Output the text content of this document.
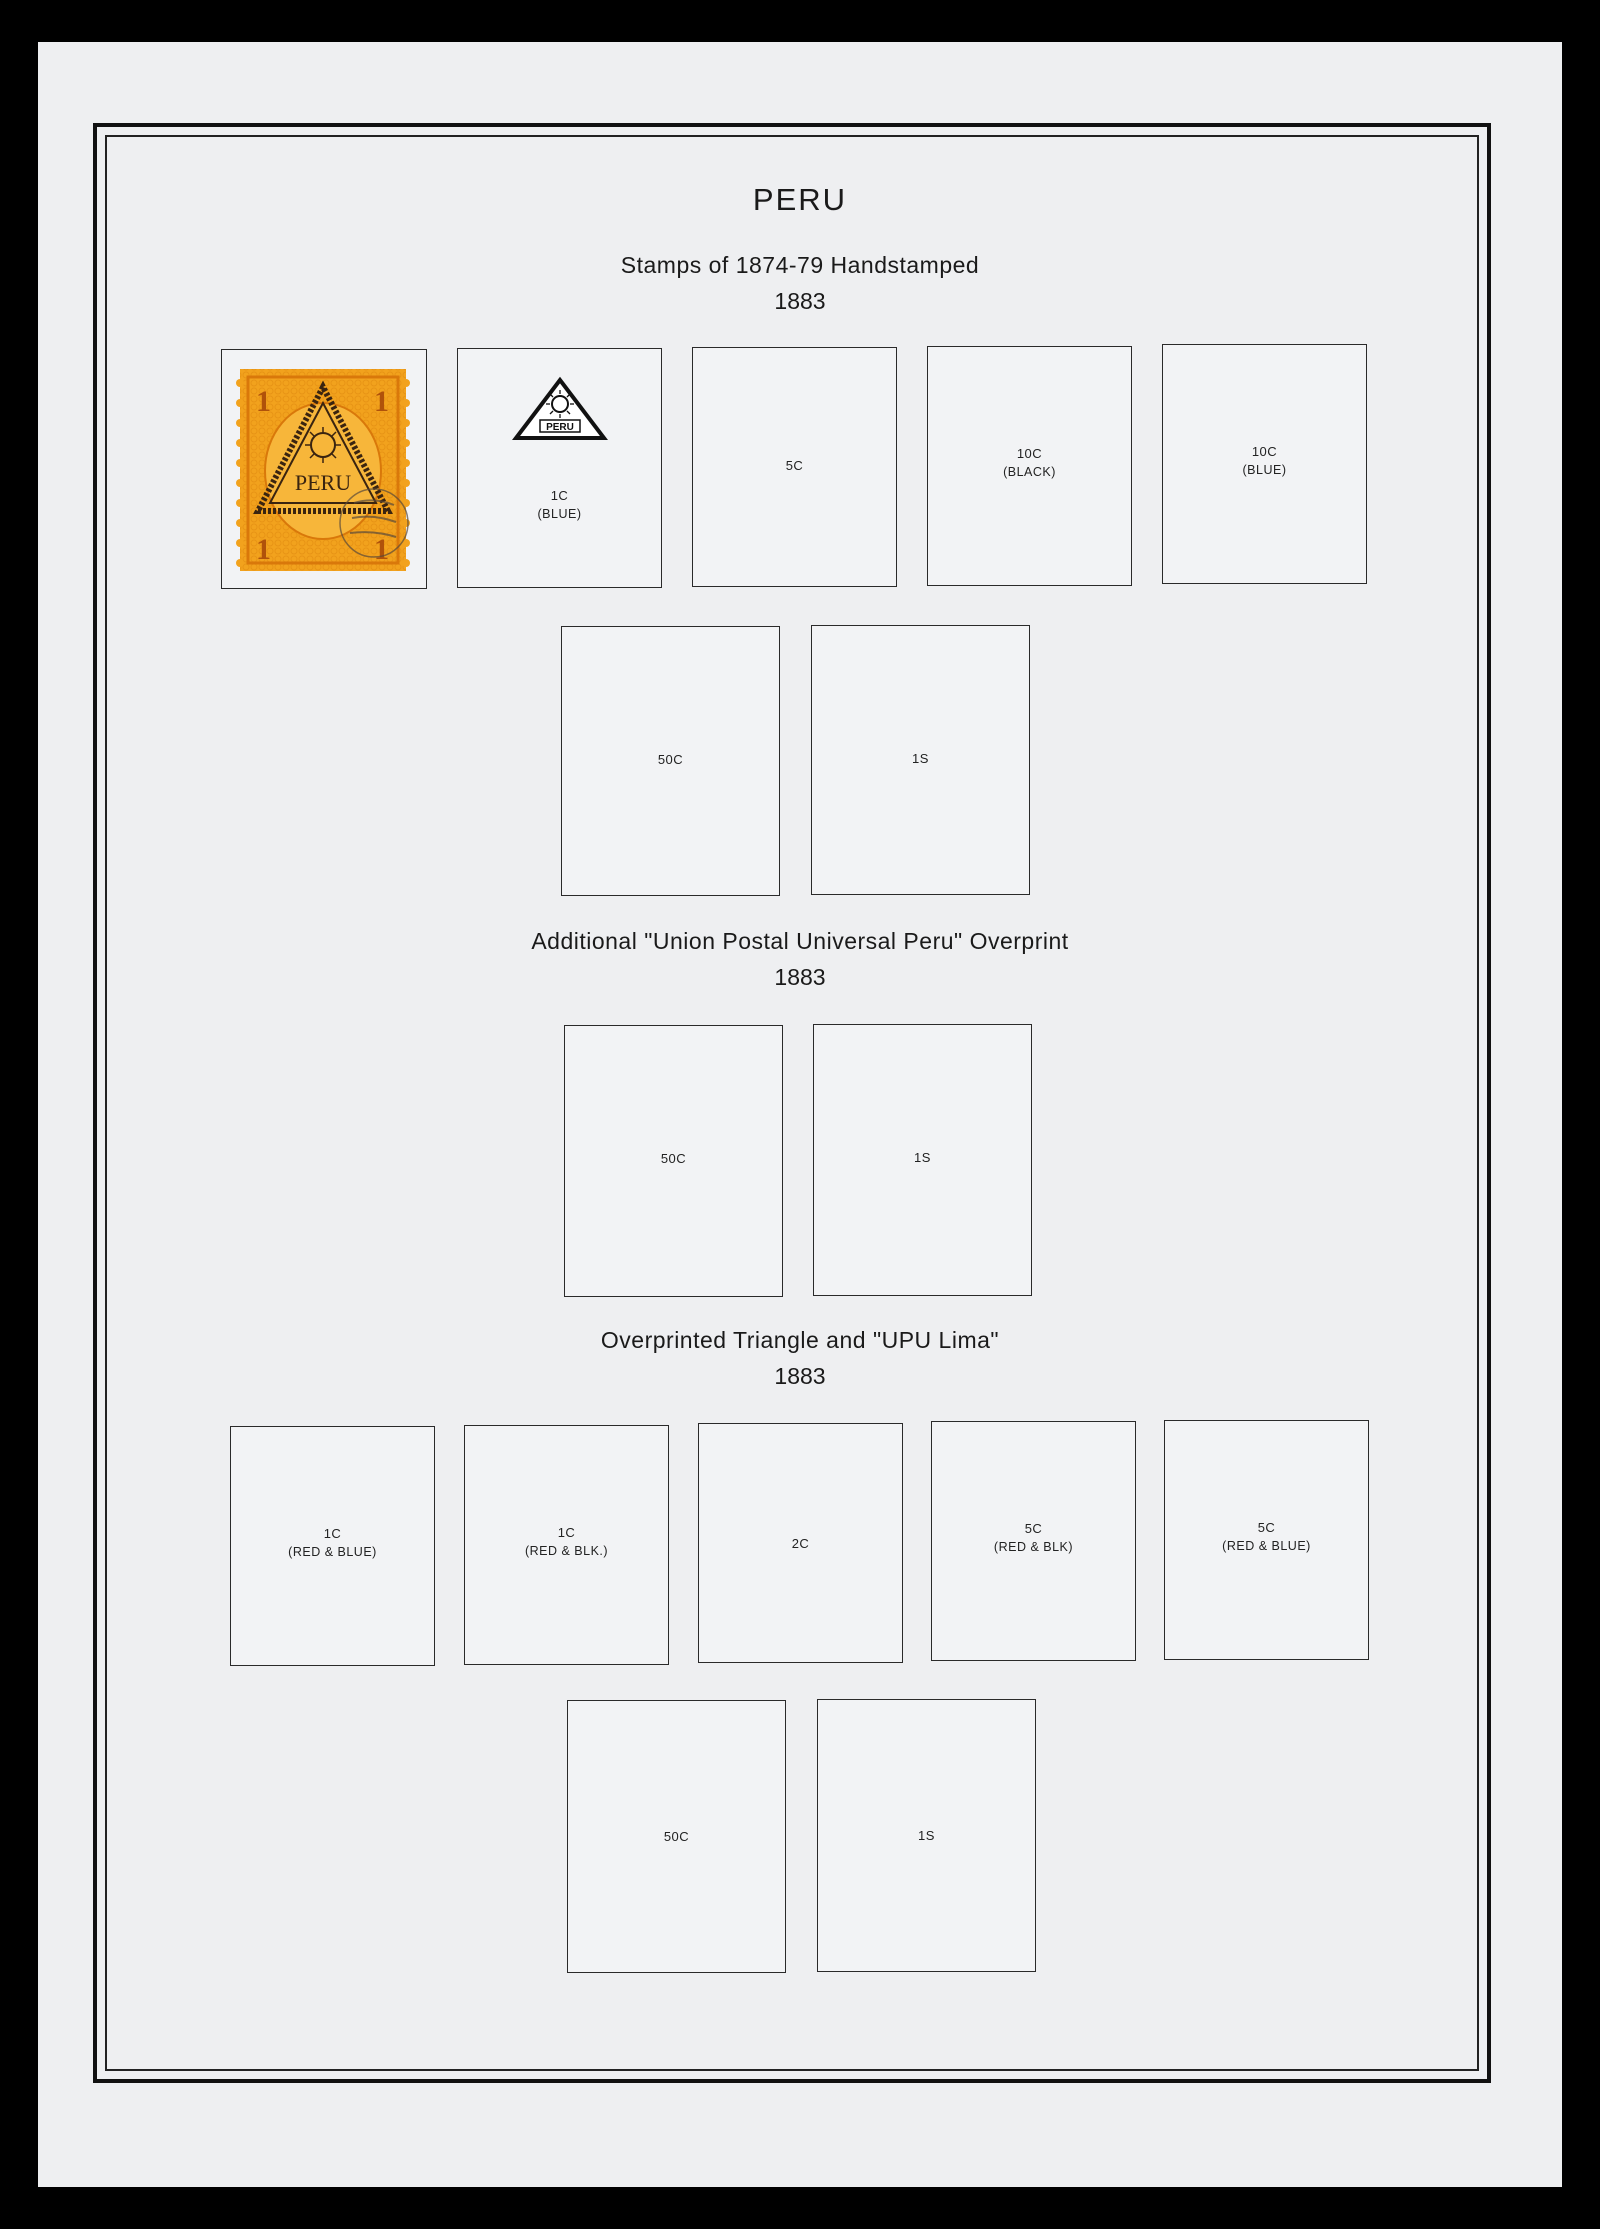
PERU
Stamps of 1874-79 Handstamped
1883
1	1
1	1
PERU
PERU
1C
(BLUE)
5C
10C
(BLACK)
10C
(BLUE)
50C	1S
Additional "Union Postal Universal Peru" Overprint
1883
50C	1S
Overprinted Triangle and "UPU Lima"
1883
1C
(RED & BLUE)
1C
(RED & BLK.)	2C
5C
(RED & BLK)
5C
(RED & BLUE)
50C	1S
